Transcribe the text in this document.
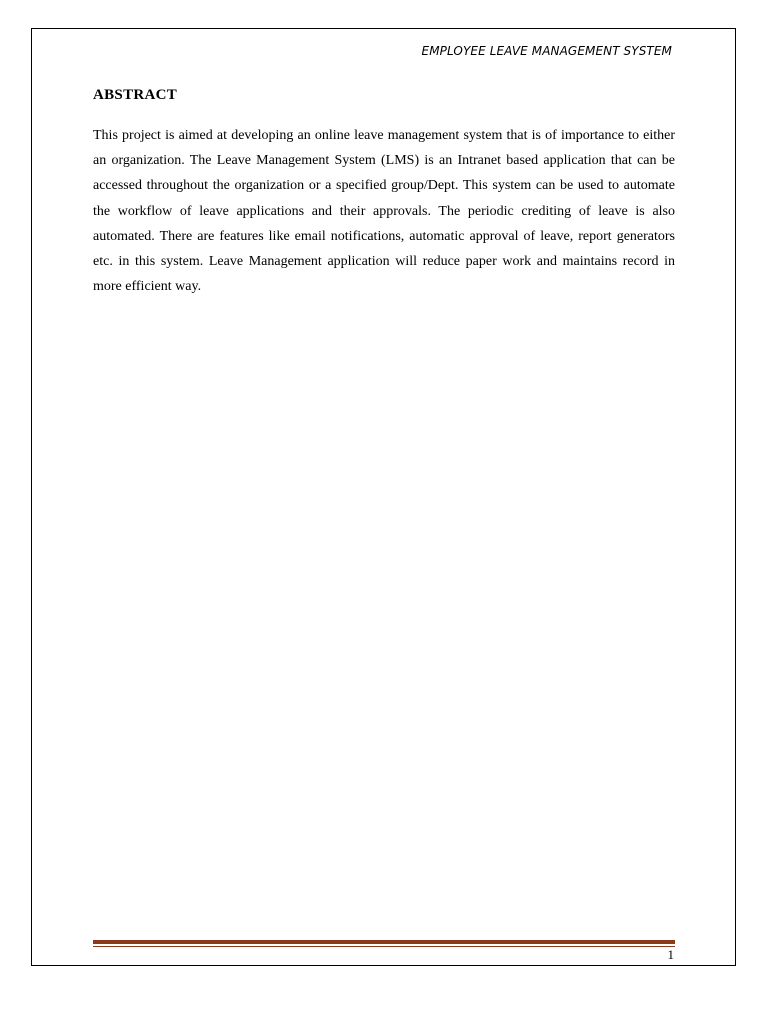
EMPLOYEE LEAVE MANAGEMENT SYSTEM
ABSTRACT

This project is aimed at developing an online leave management system that is of importance to either an organization. The Leave Management System (LMS) is an Intranet based application that can be accessed throughout the organization or a specified group/Dept. This system can be used to automate the workflow of leave applications and their approvals. The periodic crediting of leave is also automated. There are features like email notifications, automatic approval of leave, report generators etc. in this system. Leave Management application will reduce paper work and maintains record in more efficient way.

1
